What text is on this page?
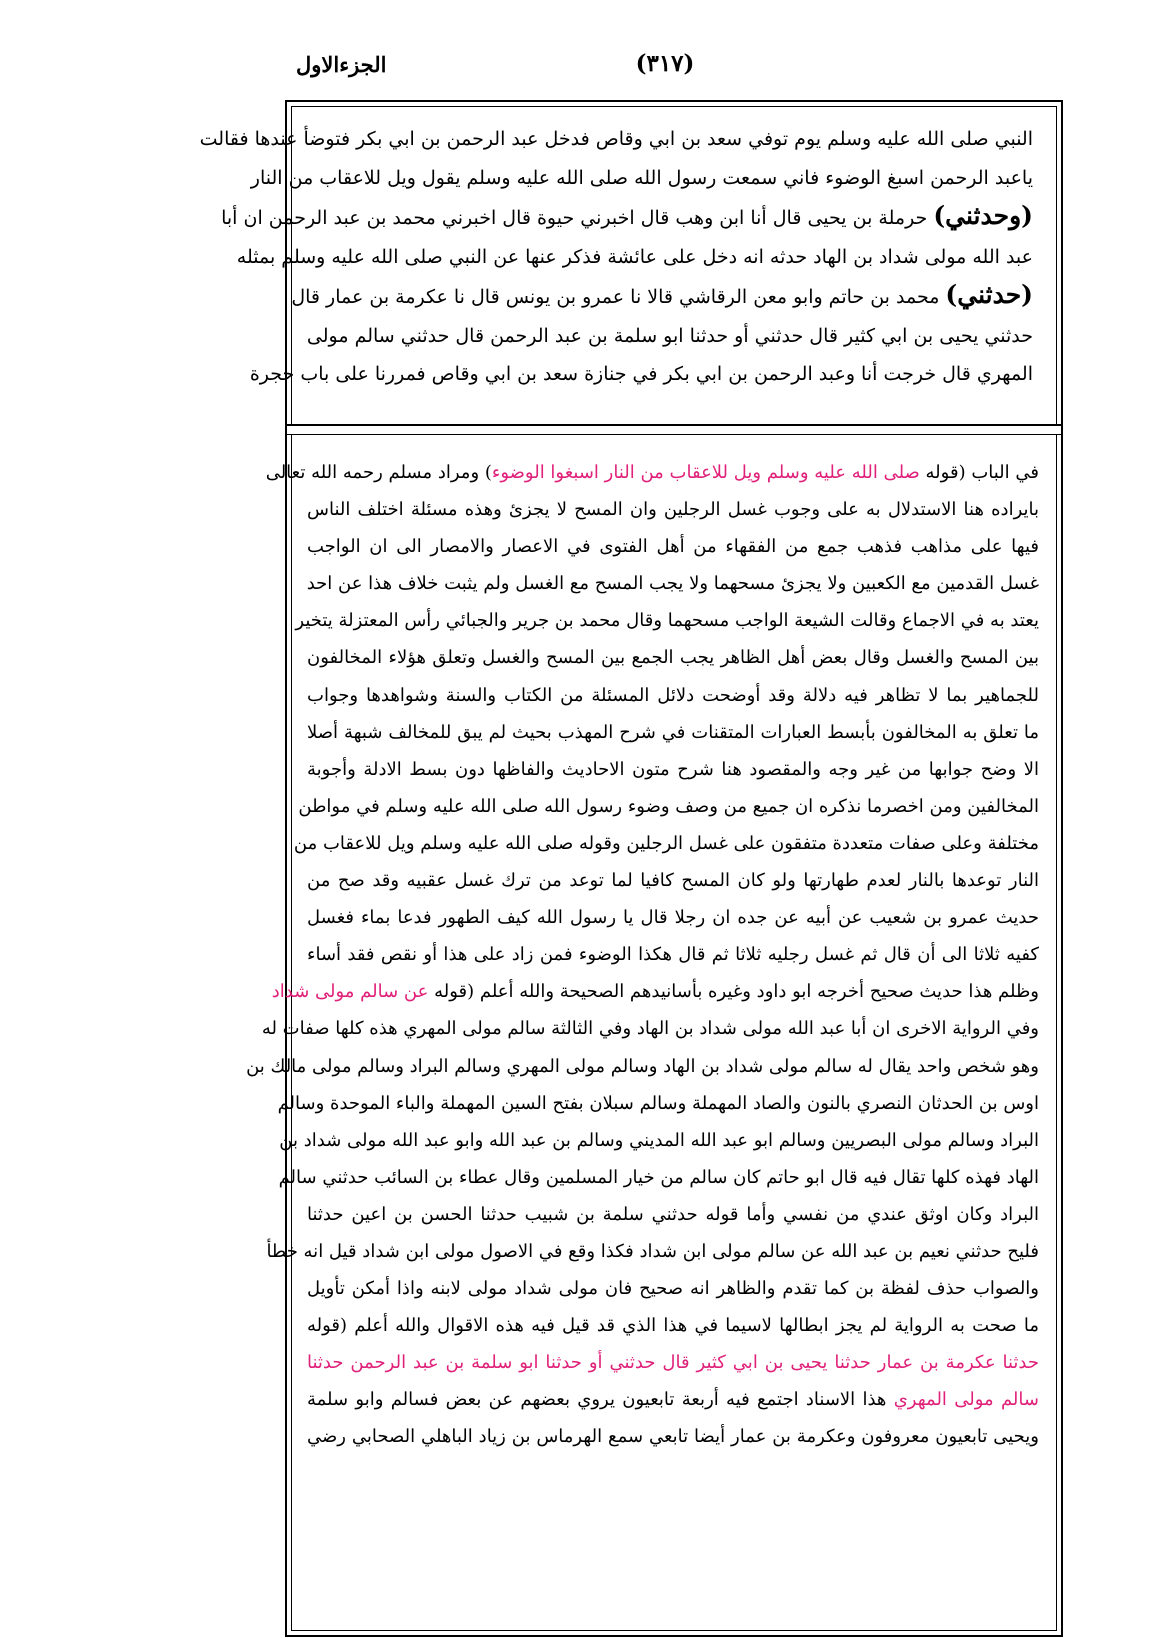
الجزءالاول	(٣١٧)
النبي صلى الله عليه وسلم يوم توفي سعد بن ابي وقاص فدخل عبد الرحمن بن ابي بكر فتوضأ عندها فقالت
ياعبد الرحمن اسبغ الوضوء فاني سمعت رسول الله صلى الله عليه وسلم يقول ويل للاعقاب من النار
(وحدثني) حرملة بن يحيى قال أنا ابن وهب قال اخبرني حيوة قال اخبرني محمد بن عبد الرحمن ان أبا
عبد الله مولى شداد بن الهاد حدثه انه دخل على عائشة فذكر عنها عن النبي صلى الله عليه وسلم بمثله
(حدثني) محمد بن حاتم وابو معن الرقاشي قالا نا عمرو بن يونس قال نا عكرمة بن عمار قال
حدثني يحيى بن ابي كثير قال حدثني أو حدثنا ابو سلمة بن عبد الرحمن قال حدثني سالم مولى
المهري قال خرجت أنا وعبد الرحمن بن ابي بكر في جنازة سعد بن ابي وقاص فمررنا على باب حجرة
في الباب (قوله صلى الله عليه وسلم ويل للاعقاب من النار اسبغوا الوضوء) ومراد مسلم رحمه الله تعالى
بايراده هنا الاستدلال به على وجوب غسل الرجلين وان المسح لا يجزئ وهذه مسئلة اختلف الناس
فيها على مذاهب فذهب جمع من الفقهاء من أهل الفتوى في الاعصار والامصار الى ان الواجب
غسل القدمين مع الكعبين ولا يجزئ مسحهما ولا يجب المسح مع الغسل ولم يثبت خلاف هذا عن احد
يعتد به في الاجماع وقالت الشيعة الواجب مسحهما وقال محمد بن جرير والجبائي رأس المعتزلة يتخير
بين المسح والغسل وقال بعض أهل الظاهر يجب الجمع بين المسح والغسل وتعلق هؤلاء المخالفون
للجماهير بما لا تظاهر فيه دلالة وقد أوضحت دلائل المسئلة من الكتاب والسنة وشواهدها وجواب
ما تعلق به المخالفون بأبسط العبارات المتقنات في شرح المهذب بحيث لم يبق للمخالف شبهة أصلا
الا وضح جوابها من غير وجه والمقصود هنا شرح متون الاحاديث والفاظها دون بسط الادلة وأجوبة
المخالفين ومن اخصرما نذكره ان جميع من وصف وضوء رسول الله صلى الله عليه وسلم في مواطن
مختلفة وعلى صفات متعددة متفقون على غسل الرجلين وقوله صلى الله عليه وسلم ويل للاعقاب من
النار توعدها بالنار لعدم طهارتها ولو كان المسح كافيا لما توعد من ترك غسل عقبيه وقد صح من
حديث عمرو بن شعيب عن أبيه عن جده ان رجلا قال يا رسول الله كيف الطهور فدعا بماء فغسل
كفيه ثلاثا الى أن قال ثم غسل رجليه ثلاثا ثم قال هكذا الوضوء فمن زاد على هذا أو نقص فقد أساء
وظلم هذا حديث صحيح أخرجه ابو داود وغيره بأسانيدهم الصحيحة والله أعلم (قوله عن سالم مولى شداد
وفي الرواية الاخرى ان أبا عبد الله مولى شداد بن الهاد وفي الثالثة سالم مولى المهري هذه كلها صفات له
وهو شخص واحد يقال له سالم مولى شداد بن الهاد وسالم مولى المهري وسالم البراد وسالم مولى مالك بن
اوس بن الحدثان النصري بالنون والصاد المهملة وسالم سبلان بفتح السين المهملة والباء الموحدة وسالم
البراد وسالم مولى البصريين وسالم ابو عبد الله المديني وسالم بن عبد الله وابو عبد الله مولى شداد بن
الهاد فهذه كلها تقال فيه قال ابو حاتم كان سالم من خيار المسلمين وقال عطاء بن السائب حدثني سالم
البراد وكان اوثق عندي من نفسي وأما قوله حدثني سلمة بن شبيب حدثنا الحسن بن اعين حدثنا
فليح حدثني نعيم بن عبد الله عن سالم مولى ابن شداد فكذا وقع في الاصول مولى ابن شداد قيل انه خطأ
والصواب حذف لفظة بن كما تقدم والظاهر انه صحيح فان مولى شداد مولى لابنه واذا أمكن تأويل
ما صحت به الرواية لم يجز ابطالها لاسيما في هذا الذي قد قيل فيه هذه الاقوال والله أعلم (قوله
حدثنا عكرمة بن عمار حدثنا يحيى بن ابي كثير قال حدثني أو حدثنا ابو سلمة بن عبد الرحمن حدثنا
سالم مولى المهري هذا الاسناد اجتمع فيه أربعة تابعيون يروي بعضهم عن بعض فسالم وابو سلمة
ويحيى تابعيون معروفون وعكرمة بن عمار أيضا تابعي سمع الهرماس بن زياد الباهلي الصحابي رضي
